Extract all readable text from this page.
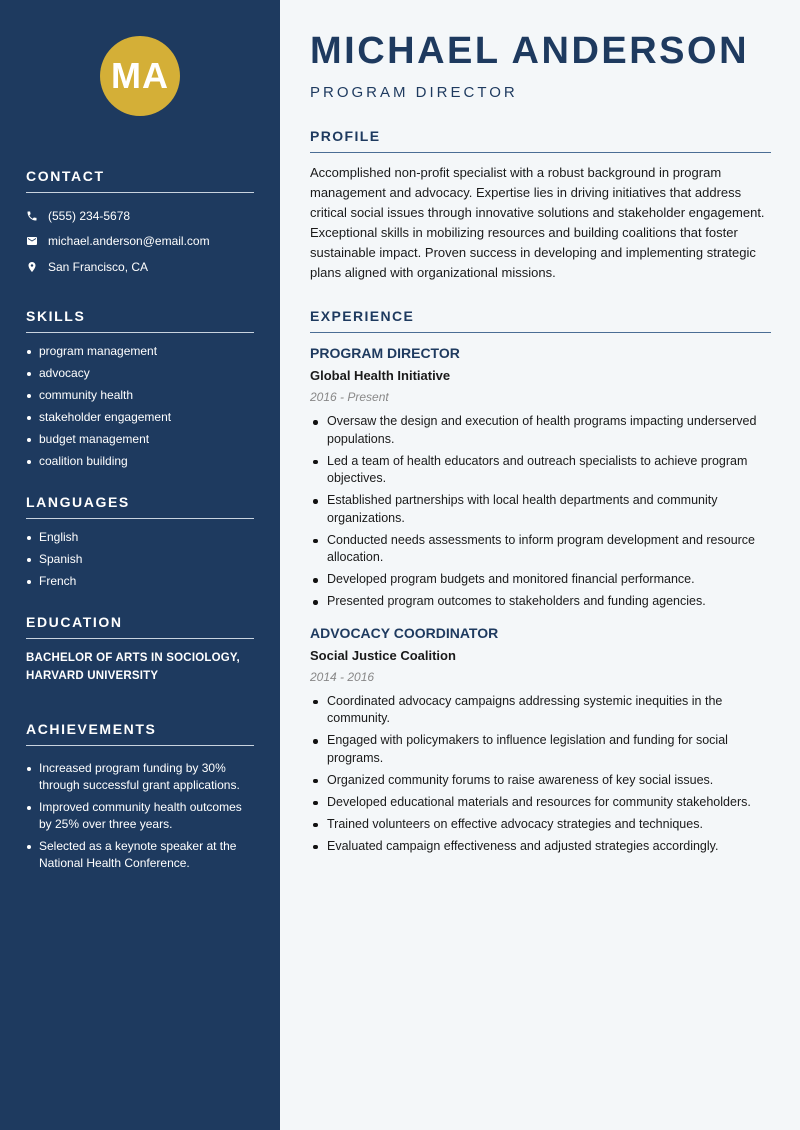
MA
CONTACT
(555) 234-5678
michael.anderson@email.com
San Francisco, CA
SKILLS
program management
advocacy
community health
stakeholder engagement
budget management
coalition building
LANGUAGES
English
Spanish
French
EDUCATION
BACHELOR OF ARTS IN SOCIOLOGY,
HARVARD UNIVERSITY
ACHIEVEMENTS
Increased program funding by 30% through successful grant applications.
Improved community health outcomes by 25% over three years.
Selected as a keynote speaker at the National Health Conference.
MICHAEL ANDERSON
PROGRAM DIRECTOR
PROFILE

Accomplished non-profit specialist with a robust background in program management and advocacy. Expertise lies in driving initiatives that address critical social issues through innovative solutions and stakeholder engagement. Exceptional skills in mobilizing resources and building coalitions that foster sustainable impact. Proven success in developing and implementing strategic plans aligned with organizational missions.

EXPERIENCE
PROGRAM DIRECTOR
Global Health Initiative
2016 - Present
Oversaw the design and execution of health programs impacting underserved populations.
Led a team of health educators and outreach specialists to achieve program objectives.
Established partnerships with local health departments and community organizations.
Conducted needs assessments to inform program development and resource allocation.
Developed program budgets and monitored financial performance.
Presented program outcomes to stakeholders and funding agencies.
ADVOCACY COORDINATOR
Social Justice Coalition
2014 - 2016
Coordinated advocacy campaigns addressing systemic inequities in the community.
Engaged with policymakers to influence legislation and funding for social programs.
Organized community forums to raise awareness of key social issues.
Developed educational materials and resources for community stakeholders.
Trained volunteers on effective advocacy strategies and techniques.
Evaluated campaign effectiveness and adjusted strategies accordingly.
